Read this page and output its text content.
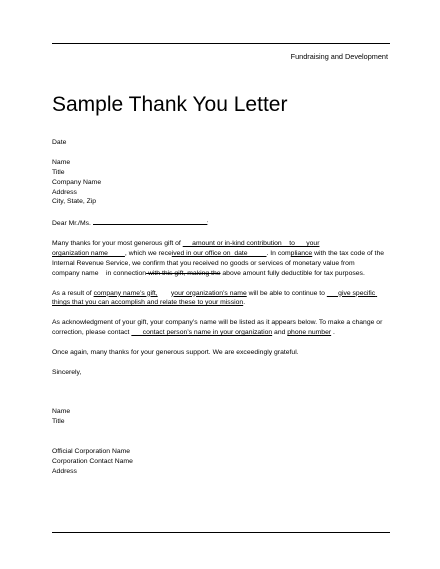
Fundraising and Development
Sample Thank You Letter

Date

Name

Title

Company Name

Address

City, State, Zip

Dear Mr./Ms.	:

Many thanks for your most generous gift of      amount or in-kind contribution    to      your organization name         , which we received in our office on  date          . In compliance with the tax code of the Internal Revenue Service, we confirm that you received no goods or services of monetary value from        company name    in connection with this gift, making the above amount fully deductible for tax purposes.

As a result of company name’s gift, your organization’s name will be able to continue to       give specific things that you can accomplish and relate these to your mission.

As acknowledgment of your gift, your company’s name will be listed as it appears below. To make a change or correction, please contact       contact person’s name in your organization and phone number .

Once again, many thanks for your generous support. We are exceedingly grateful.

Sincerely,

Name

Title

Official Corporation Name

Corporation Contact Name

Address
